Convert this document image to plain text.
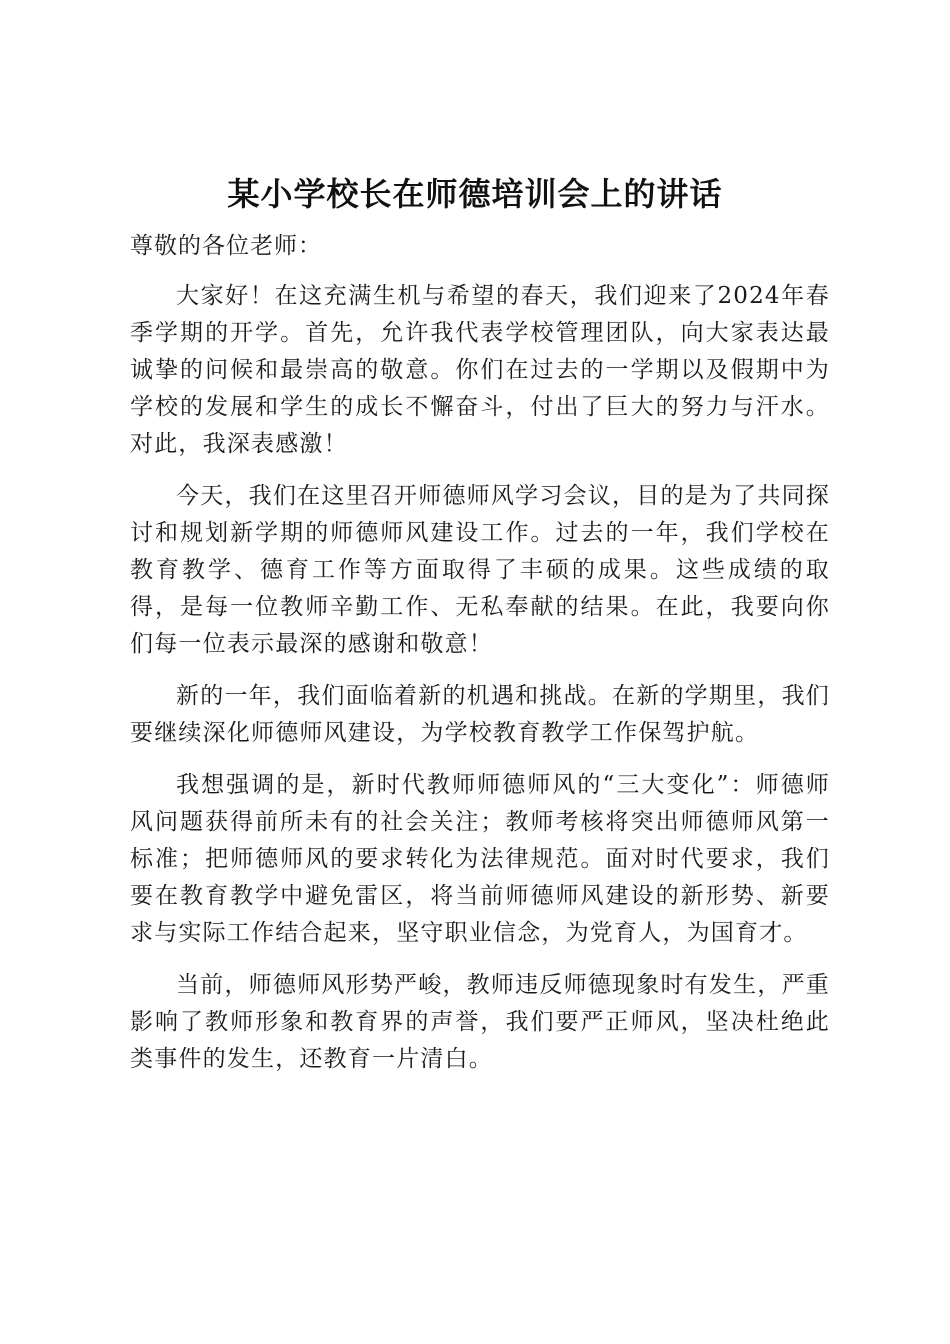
某小学校长在师德培训会上的讲话

尊敬的各位老师：

大家好！在这充满生机与希望的春天，我们迎来了2024年春季学期的开学。首先，允许我代表学校管理团队，向大家表达最诚挚的问候和最崇高的敬意。你们在过去的一学期以及假期中为学校的发展和学生的成长不懈奋斗，付出了巨大的努力与汗水。对此，我深表感激！

今天，我们在这里召开师德师风学习会议，目的是为了共同探讨和规划新学期的师德师风建设工作。过去的一年，我们学校在教育教学、德育工作等方面取得了丰硕的成果。这些成绩的取得，是每一位教师辛勤工作、无私奉献的结果。在此，我要向你们每一位表示最深的感谢和敬意！

新的一年，我们面临着新的机遇和挑战。在新的学期里，我们要继续深化师德师风建设，为学校教育教学工作保驾护航。

我想强调的是，新时代教师师德师风的“三大变化”：师德师风问题获得前所未有的社会关注；教师考核将突出师德师风第一标准；把师德师风的要求转化为法律规范。面对时代要求，我们要在教育教学中避免雷区，将当前师德师风建设的新形势、新要求与实际工作结合起来，坚守职业信念，为党育人，为国育才。

当前，师德师风形势严峻，教师违反师德现象时有发生，严重影响了教师形象和教育界的声誉，我们要严正师风，坚决杜绝此类事件的发生，还教育一片清白。
